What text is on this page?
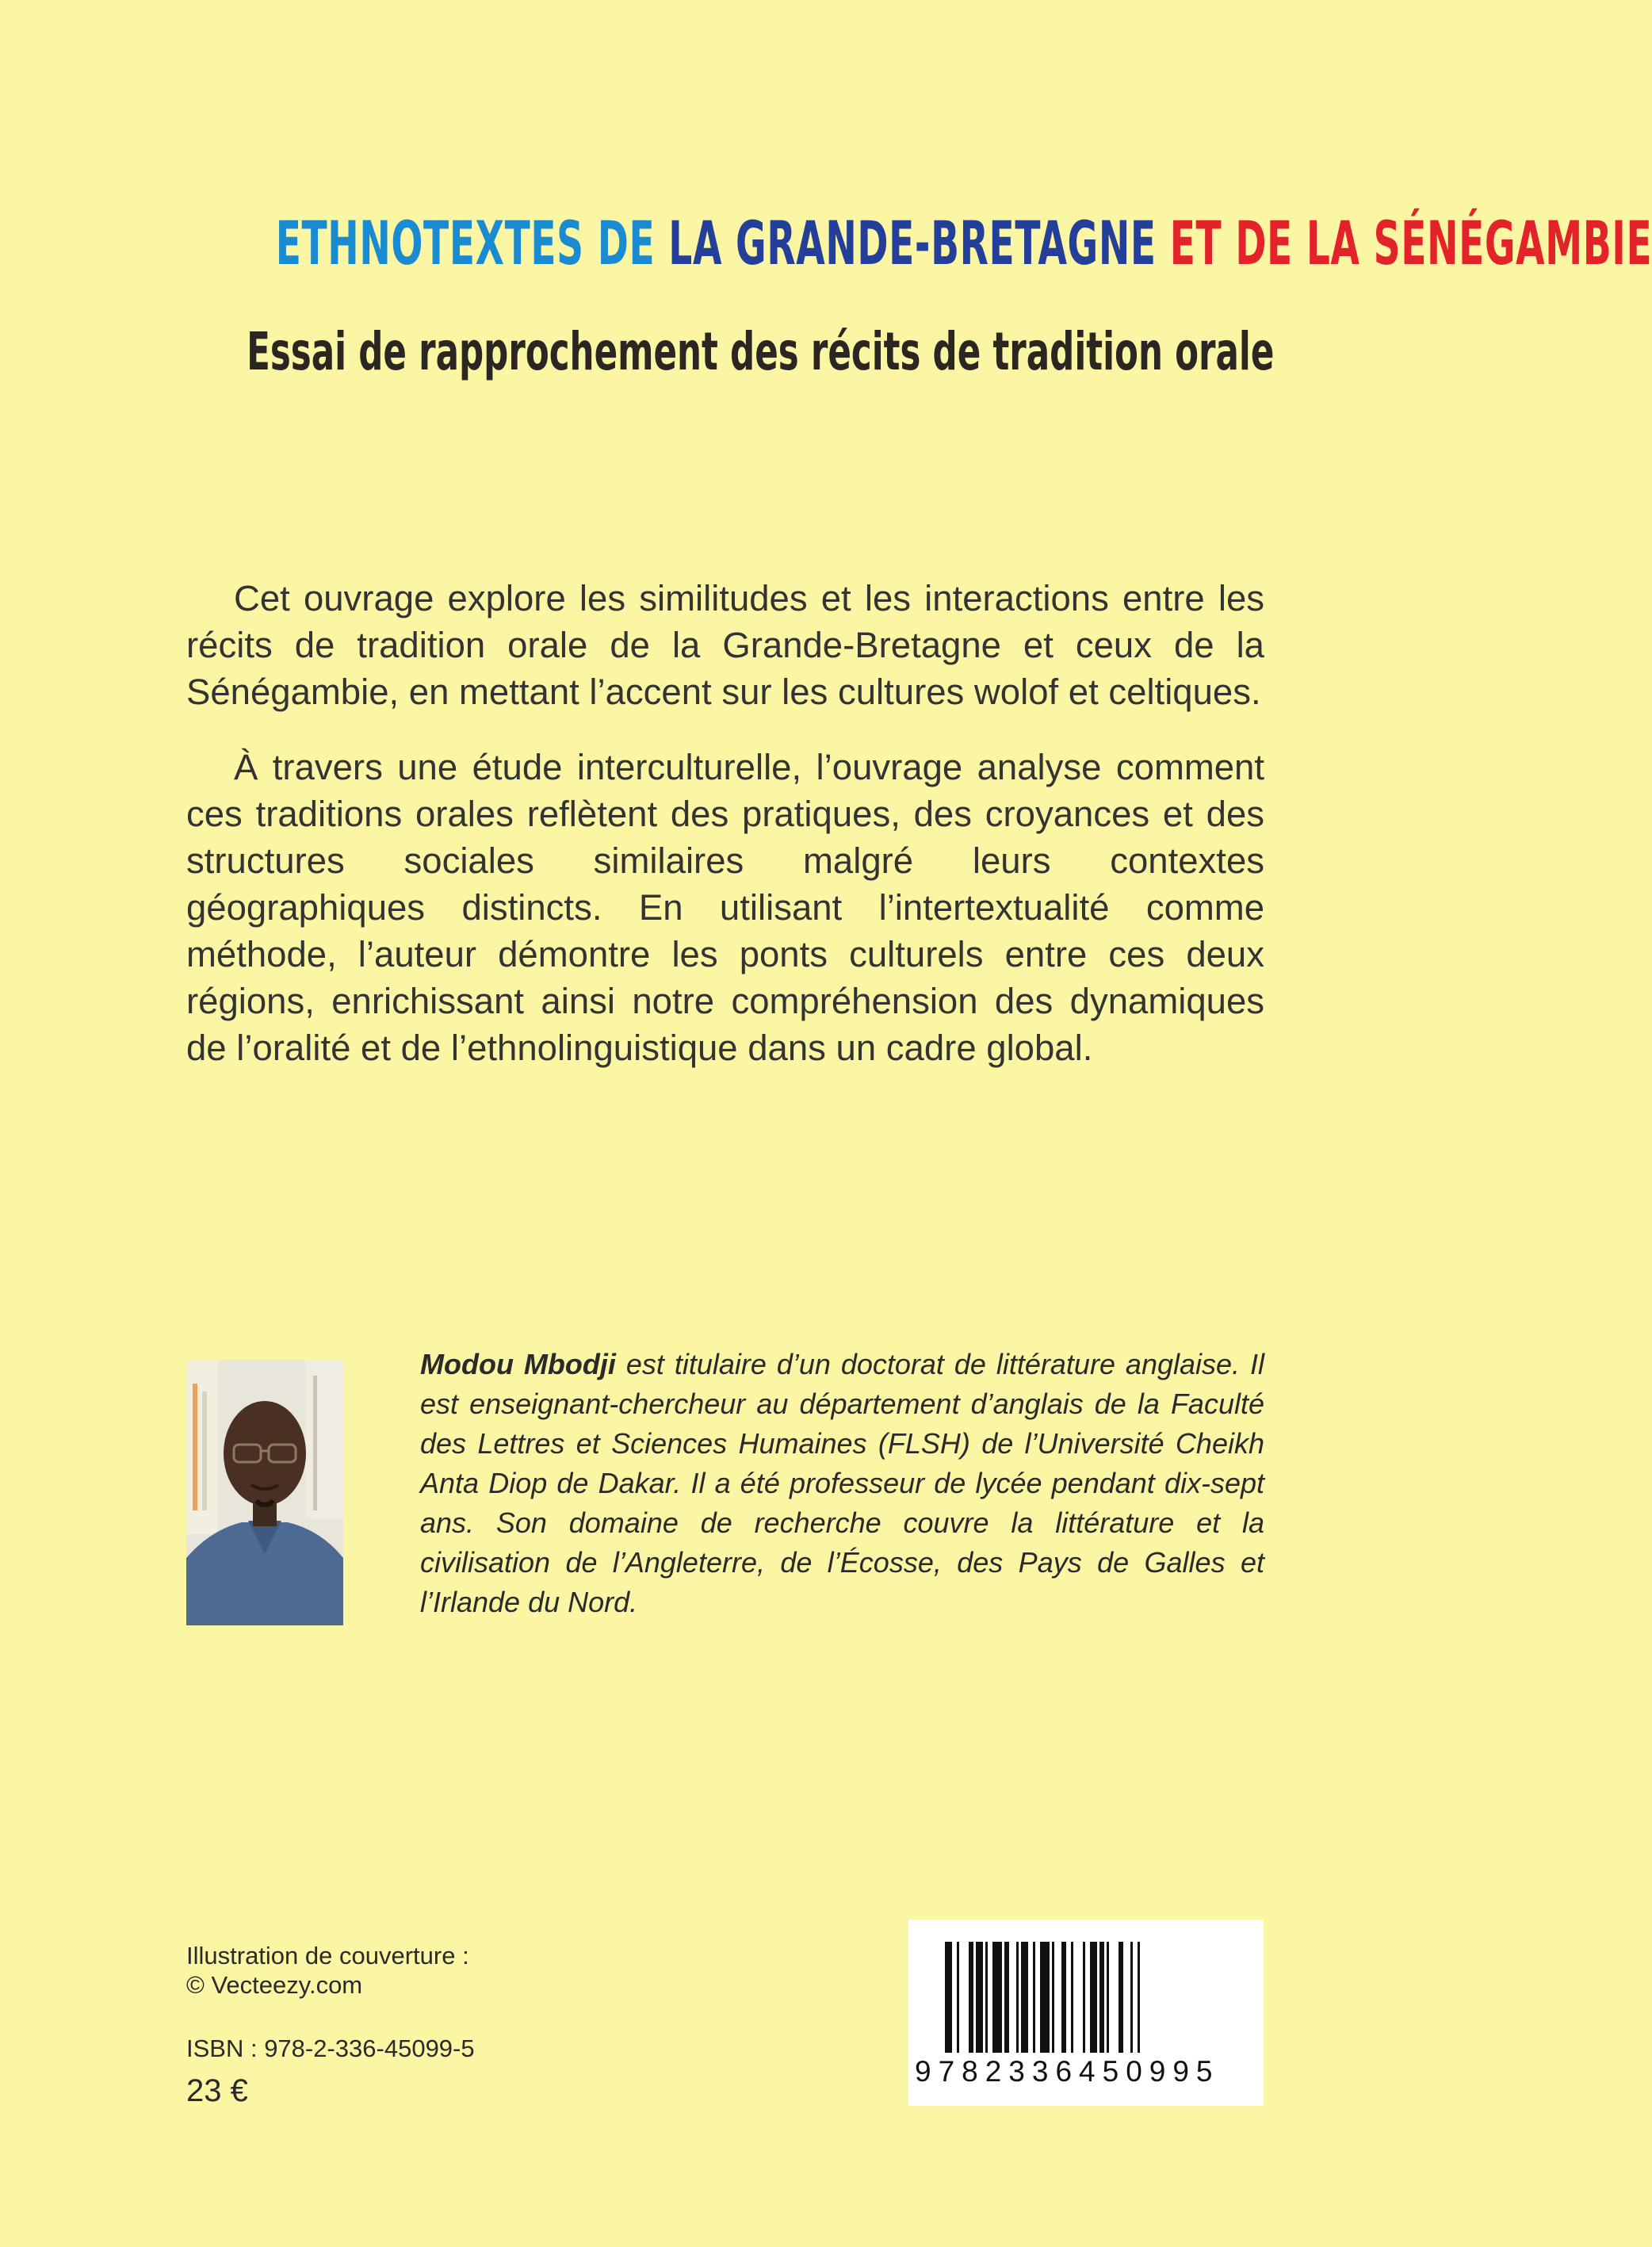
ETHNOTEXTES DE LA GRANDE-BRETAGNE ET DE LA SÉNÉGAMBIE
Essai de rapprochement des récits de tradition orale

Cet ouvrage explore les similitudes et les interactions entre les récits de tradition orale de la Grande-Bretagne et ceux de la Sénégambie, en mettant l’accent sur les cultures wolof et celtiques.

À travers une étude interculturelle, l’ouvrage analyse comment ces traditions orales reflètent des pratiques, des croyances et des structures sociales similaires malgré leurs contextes géographiques distincts. En utilisant l’intertextualité comme méthode, l’auteur démontre les ponts culturels entre ces deux régions, enrichissant ainsi notre compréhension des dynamiques de l’oralité et de l’ethnolinguistique dans un cadre global.

Modou Mbodji est titulaire d’un doctorat de littérature anglaise. Il est enseignant-chercheur au département d’anglais de la Faculté des Lettres et Sciences Humaines (FLSH) de l’Université Cheikh Anta Diop de Dakar. Il a été professeur de lycée pendant dix-sept ans. Son domaine de recherche couvre la littérature et la civilisation de l’Angleterre, de l’Écosse, des Pays de Galles et l’Irlande du Nord.
Illustration de couverture :
© Vecteezy.com
ISBN : 978-2-336-45099-5
23 €
9782336450995
